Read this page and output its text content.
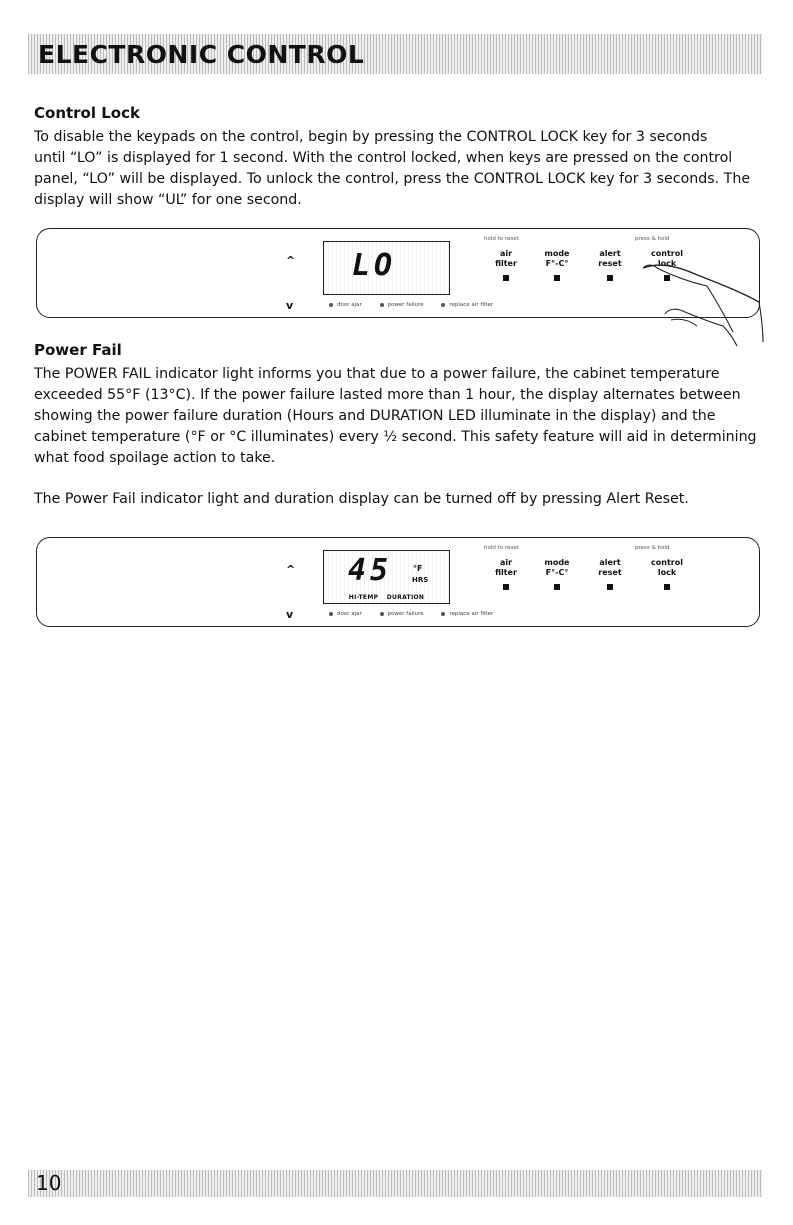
ELECTRONIC CONTROL
Control Lock

To disable the keypads on the control, begin by pressing the CONTROL LOCK key for 3 seconds
until “LO” is displayed for 1 second. With the control locked, when keys are pressed on the control
panel, “LO” will be displayed. To unlock the control, press the CONTROL LOCK key for 3 seconds. The
display will show “UL” for one second.

^
v
LO
hold to reset	press & hold
air
filter
mode
F°-C°
alert
reset
control
lock
door ajar	power failure	replace air filter
Power Fail

The POWER FAIL indicator light informs you that due to a power failure, the cabinet temperature
exceeded 55°F (13°C). If the power failure lasted more than 1 hour, the display alternates between
showing the power failure duration (Hours and DURATION LED illuminate in the display) and the
cabinet temperature (°F or °C illuminates) every ½ second. This safety feature will aid in determining
what food spoilage action to take.

The Power Fail indicator light and duration display can be turned off by pressing Alert Reset.

^
v
45	°F
HRS
HI-TEMP DURATION
hold to reset	press & hold
air
filter
mode
F°-C°
alert
reset
control
lock
door ajar	power failure	replace air filter
10
